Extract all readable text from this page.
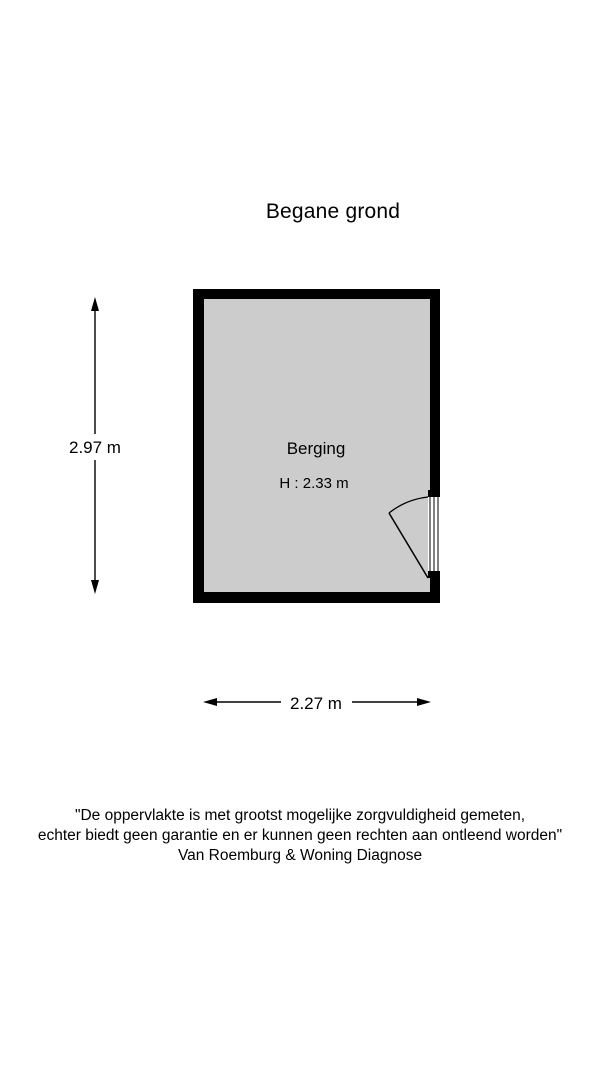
Begane grond
Berging
H : 2.33 m
2.97 m
2.27 m
"De oppervlakte is met grootst mogelijke zorgvuldigheid gemeten,
echter biedt geen garantie en er kunnen geen rechten aan ontleend worden"
Van Roemburg & Woning Diagnose
